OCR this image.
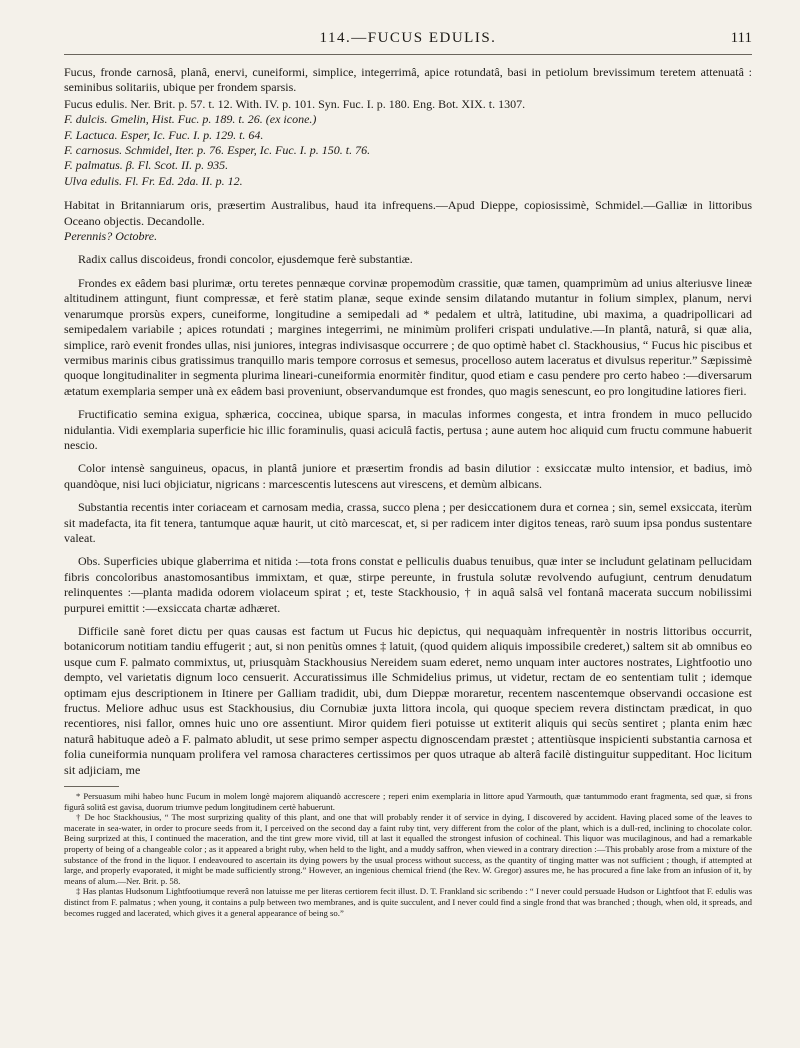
114.—FUCUS EDULIS.	111

Fucus, fronde carnosâ, planâ, enervi, cuneiformi, simplice, integerrimâ, apice rotundatâ, basi in petiolum brevissimum teretem attenuatâ : seminibus solitariis, ubique per frondem sparsis.

Fucus edulis. Ner. Brit. p. 57. t. 12. With. IV. p. 101. Syn. Fuc. I. p. 180. Eng. Bot. XIX. t. 1307.

F. dulcis. Gmelin, Hist. Fuc. p. 189. t. 26. (ex icone.)

F. Lactuca. Esper, Ic. Fuc. I. p. 129. t. 64.

F. carnosus. Schmidel, Iter. p. 76. Esper, Ic. Fuc. I. p. 150. t. 76.

F. palmatus. β. Fl. Scot. II. p. 935.

Ulva edulis. Fl. Fr. Ed. 2da. II. p. 12.

Habitat in Britanniarum oris, præsertim Australibus, haud ita infrequens.—Apud Dieppe, copiosissimè, Schmidel.—Galliæ in littoribus Oceano objectis. Decandolle.

Perennis? Octobre.

Radix callus discoideus, frondi concolor, ejusdemque ferè substantiæ.

Frondes ex eâdem basi plurimæ, ortu teretes pennæque corvinæ propemodùm crassitie, quæ tamen, quamprimùm ad unius alteriusve lineæ altitudinem attingunt, fiunt compressæ, et ferè statim planæ, seque exinde sensim dilatando mutantur in folium simplex, planum, nervi venarumque prorsùs expers, cuneiforme, longitudine a semipedali ad * pedalem et ultrà, latitudine, ubi maxima, a quadripollicari ad semipedalem variabile ; apices rotundati ; margines integerrimi, ne minimùm proliferi crispati undulative.—In plantâ, naturâ, si quæ alia, simplice, rarò evenit frondes ullas, nisi juniores, integras indivisasque occurrere ; de quo optimè habet cl. Stackhousius, “ Fucus hic piscibus et vermibus marinis cibus gratissimus tranquillo maris tempore corrosus et semesus, procelloso autem laceratus et divulsus reperitur.” Sæpissimè quoque longitudinaliter in segmenta plurima lineari-cuneiformia enormitèr finditur, quod etiam e casu pendere pro certo habeo :—diversarum ætatum exemplaria semper unà ex eâdem basi proveniunt, observandumque est frondes, quo magis senescunt, eo pro longitudine latiores fieri.

Fructificatio semina exigua, sphærica, coccinea, ubique sparsa, in maculas informes congesta, et intra frondem in muco pellucido nidulantia. Vidi exemplaria superficie hic illic foraminulis, quasi aciculâ factis, pertusa ; aune autem hoc aliquid cum fructu commune habuerit nescio.

Color intensè sanguineus, opacus, in plantâ juniore et præsertim frondis ad basin dilutior : exsiccatæ multo intensior, et badius, imò quandòque, nisi luci objiciatur, nigricans : marcescentis lutescens aut virescens, et demùm albicans.

Substantia recentis inter coriaceam et carnosam media, crassa, succo plena ; per desiccationem dura et cornea ; sin, semel exsiccata, iterùm sit madefacta, ita fit tenera, tantumque aquæ haurit, ut citò marcescat, et, si per radicem inter digitos teneas, rarò suum ipsa pondus sustentare valeat.

Obs. Superficies ubique glaberrima et nitida :—tota frons constat e pelliculis duabus tenuibus, quæ inter se includunt gelatinam pellucidam fibris concoloribus anastomosantibus immixtam, et quæ, stirpe pereunte, in frustula solutæ revolvendo aufugiunt, centrum denudatum relinquentes :—planta madida odorem violaceum spirat ; et, teste Stackhousio, † in aquâ salsâ vel fontanâ macerata succum nobilissimi purpurei emittit :—exsiccata chartæ adhæret.

Difficile sanè foret dictu per quas causas est factum ut Fucus hic depictus, qui nequaquàm infrequentèr in nostris littoribus occurrit, botanicorum notitiam tandiu effugerit ; aut, si non penitùs omnes ‡ latuit, (quod quidem aliquis impossibile crederet,) saltem sit ab omnibus eo usque cum F. palmato commixtus, ut, priusquàm Stackhousius Nereidem suam ederet, nemo unquam inter auctores nostrates, Lightfootio uno dempto, vel varietatis dignum loco censuerit. Accuratissimus ille Schmidelius primus, ut videtur, rectam de eo sententiam tulit ; idemque optimam ejus descriptionem in Itinere per Galliam tradidit, ubi, dum Dieppæ moraretur, recentem nascentemque observandi occasione est fructus. Meliore adhuc usus est Stackhousius, diu Cornubiæ juxta littora incola, qui quoque speciem revera distinctam prædicat, in quo recentiores, nisi fallor, omnes huic uno ore assentiunt. Miror quidem fieri potuisse ut extiterit aliquis qui secùs sentiret ; planta enim hæc naturâ habituque adeò a F. palmato abludit, ut sese primo semper aspectu dignoscendam præstet ; attentiùsque inspicienti substantia carnosa et folia cuneiformia nunquam prolifera vel ramosa characteres certissimos per quos utraque ab alterâ facilè distinguitur suppeditant. Hoc licitum sit adjiciam, me

* Persuasum mihi habeo hunc Fucum in molem longè majorem aliquandò accrescere ; reperi enim exemplaria in littore apud Yarmouth, quæ tantummodo erant fragmenta, sed quæ, si frons figurâ solitâ est gavisa, duorum triumve pedum longitudinem certè habuerunt.

† De hoc Stackhousius, “ The most surprizing quality of this plant, and one that will probably render it of service in dying, I discovered by accident. Having placed some of the leaves to macerate in sea-water, in order to procure seeds from it, I perceived on the second day a faint ruby tint, very different from the color of the plant, which is a dull-red, inclining to chocolate color. Being surprized at this, I continued the maceration, and the tint grew more vivid, till at last it equalled the strongest infusion of cochineal. This liquor was mucilaginous, and had a remarkable property of being of a changeable color ; as it appeared a bright ruby, when held to the light, and a muddy saffron, when viewed in a contrary direction :—This probably arose from a mixture of the substance of the frond in the liquor. I endeavoured to ascertain its dying powers by the usual process without success, as the quantity of tinging matter was not sufficient ; though, if attempted at large, and properly evaporated, it might be made sufficiently strong.” However, an ingenious chemical friend (the Rev. W. Gregor) assures me, he has procured a fine lake from an infusion of it, by means of alum.—Ner. Brit. p. 58.

‡ Has plantas Hudsonum Lightfootiumque reverâ non latuisse me per literas certiorem fecit illust. D. T. Frankland sic scribendo : “ I never could persuade Hudson or Lightfoot that F. edulis was distinct from F. palmatus ; when young, it contains a pulp between two membranes, and is quite succulent, and I never could find a single frond that was branched ; though, when old, it spreads, and becomes rugged and lacerated, which gives it a general appearance of being so.”
